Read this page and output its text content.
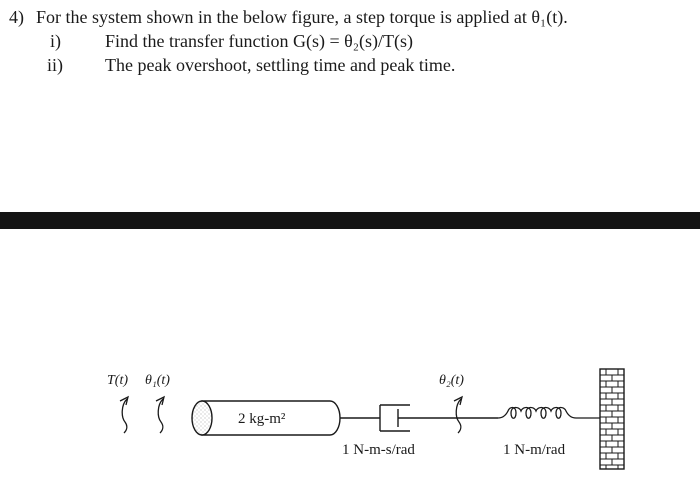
4) For the system shown in the below figure, a step torque is applied at θ₁(t).
i) Find the transfer function G(s) = θ₂(s)/T(s)
ii) The peak overshoot, settling time and peak time.
T(t) θ₁(t)	θ₂(t)
2 kg-m²
1 N-m-s/rad	1 N-m/rad
